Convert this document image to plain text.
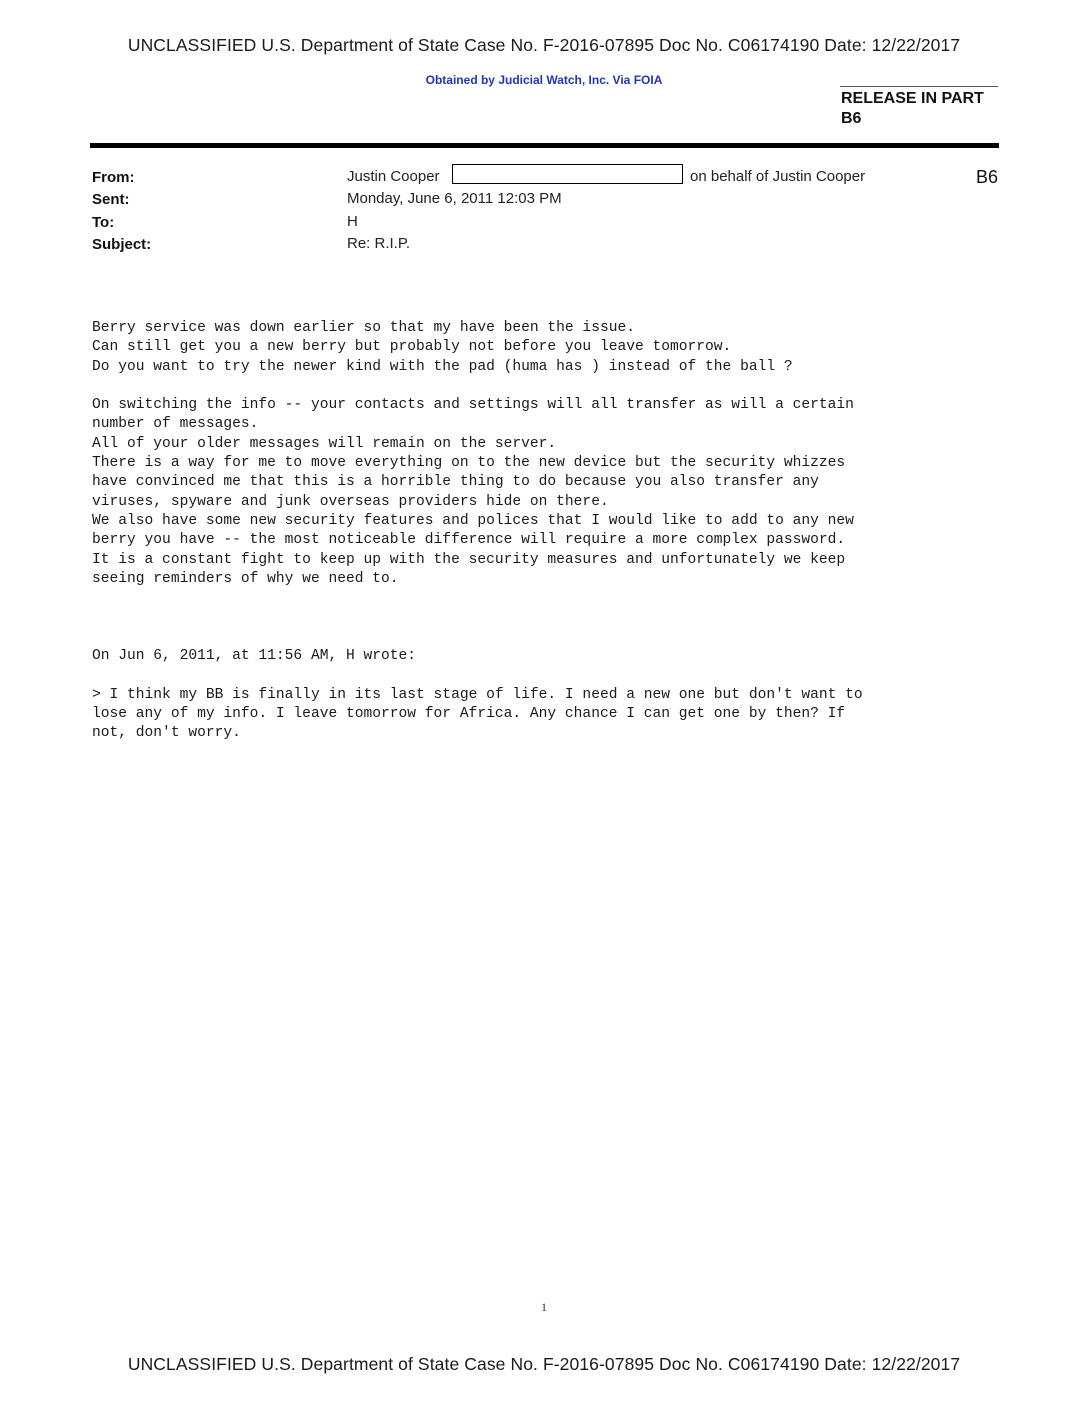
UNCLASSIFIED U.S. Department of State Case No. F-2016-07895 Doc No. C06174190 Date: 12/22/2017
Obtained by Judicial Watch, Inc. Via FOIA
RELEASE IN PART
B6
From:	Justin Cooper	on behalf of Justin Cooper	B6
Sent:	Monday, June 6, 2011 12:03 PM
To:	H
Subject:	Re: R.I.P.
Berry service was down earlier so that my have been the issue.
Can still get you a new berry but probably not before you leave tomorrow.
Do you want to try the newer kind with the pad (huma has ) instead of the ball ?
On switching the info -- your contacts and settings will all transfer as will a certain
number of messages.
All of your older messages will remain on the server.
There is a way for me to move everything on to the new device but the security whizzes
have convinced me that this is a horrible thing to do because you also transfer any
viruses, spyware and junk overseas providers hide on there.
We also have some new security features and polices that I would like to add to any new
berry you have -- the most noticeable difference will require a more complex password.
It is a constant fight to keep up with the security measures and unfortunately we keep
seeing reminders of why we need to.
On Jun 6, 2011, at 11:56 AM, H wrote:
> I think my BB is finally in its last stage of life. I need a new one but don't want to
lose any of my info. I leave tomorrow for Africa. Any chance I can get one by then? If
not, don't worry.
1
UNCLASSIFIED U.S. Department of State Case No. F-2016-07895 Doc No. C06174190 Date: 12/22/2017
